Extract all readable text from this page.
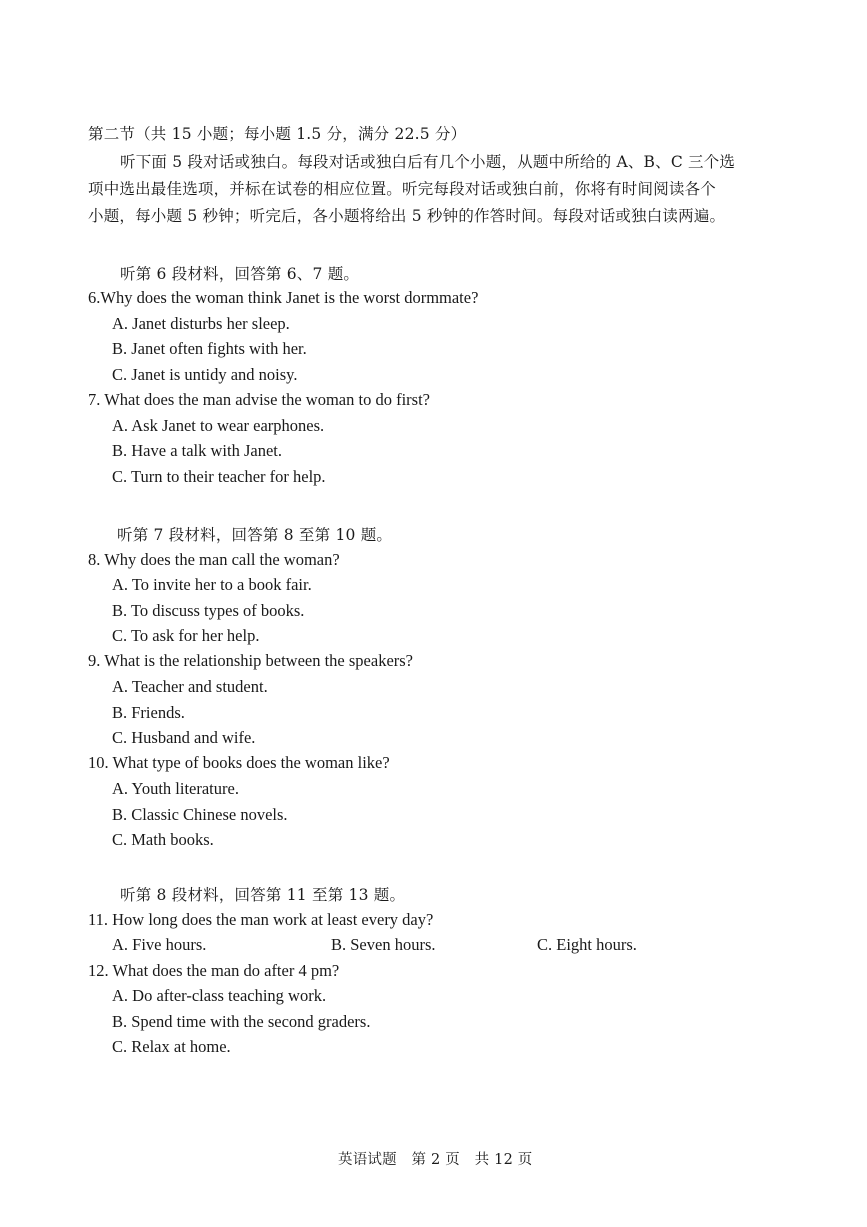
第二节（共 15 小题；每小题 1.5 分，满分 22.5 分）
听下面 5 段对话或独白。每段对话或独白后有几个小题，从题中所给的 A、B、C 三个选
项中选出最佳选项，并标在试卷的相应位置。听完每段对话或独白前，你将有时间阅读各个
小题，每小题 5 秒钟；听完后，各小题将给出 5 秒钟的作答时间。每段对话或独白读两遍。
听第 6 段材料，回答第 6、7 题。
6.Why does the woman think Janet is the worst dormmate?
A. Janet disturbs her sleep.
B. Janet often fights with her.
C. Janet is untidy and noisy.
7. What does the man advise the woman to do first?
A. Ask Janet to wear earphones.
B. Have a talk with Janet.
C. Turn to their teacher for help.
听第 7 段材料，回答第 8 至第 10 题。
8. Why does the man call the woman?
A. To invite her to a book fair.
B. To discuss types of books.
C. To ask for her help.
9. What is the relationship between the speakers?
A. Teacher and student.
B. Friends.
C. Husband and wife.
10. What type of books does the woman like?
A. Youth literature.
B. Classic Chinese novels.
C. Math books.
听第 8 段材料，回答第 11 至第 13 题。
11. How long does the man work at least every day?
A. Five hours.	B. Seven hours.	C. Eight hours.
12. What does the man do after 4 pm?
A. Do after-class teaching work.
B. Spend time with the second graders.
C. Relax at home.
英语试题　第 2 页　共 12 页
